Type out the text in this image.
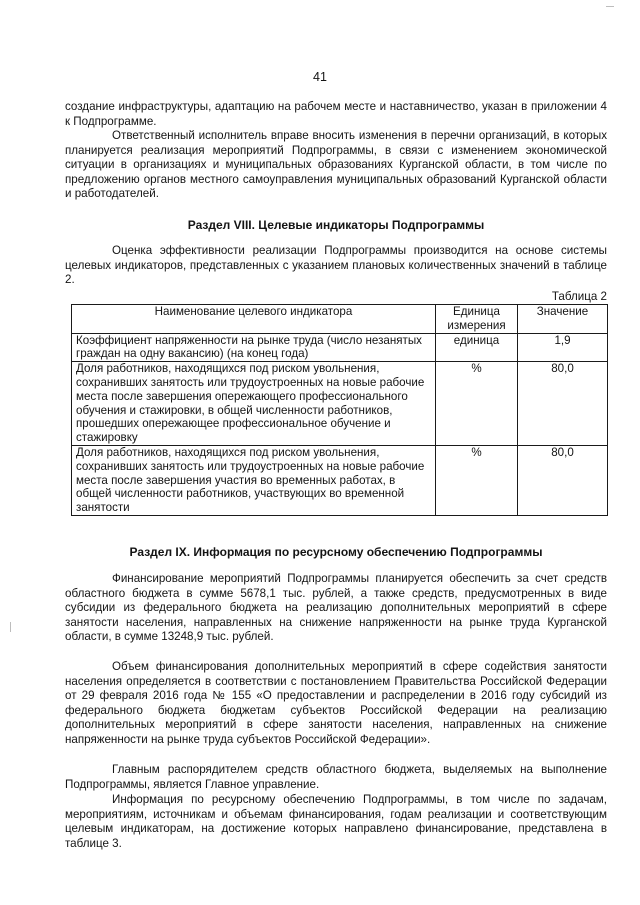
41

создание инфраструктуры, адаптацию на рабочем месте и наставничество, указан в приложении 4 к Подпрограмме.

Ответственный исполнитель вправе вносить изменения в перечни организаций, в которых планируется реализация мероприятий Подпрограммы, в связи с изменением экономической ситуации в организациях и муниципальных образованиях Курганской области, в том числе по предложению органов местного самоуправления муниципальных образований Курганской области и работодателей.

Раздел VIII. Целевые индикаторы Подпрограммы

Оценка эффективности реализации Подпрограммы производится на основе системы целевых индикаторов, представленных с указанием плановых количественных значений в таблице 2.

Таблица 2
Наименование целевого индикатора	Единица измерения	Значение
Коэффициент напряженности на рынке труда (число незанятых граждан на одну вакансию) (на конец года)	единица	1,9
Доля работников, находящихся под риском увольнения, сохранивших занятость или трудоустроенных на новые рабочие места после завершения опережающего профессионального обучения и стажировки, в общей численности работников, прошедших опережающее профессиональное обучение и стажировку	%	80,0
Доля работников, находящихся под риском увольнения, сохранивших занятость или трудоустроенных на новые рабочие места после завершения участия во временных работах, в общей численности работников, участвующих во временной занятости	%	80,0

Раздел IX. Информация по ресурсному обеспечению Подпрограммы

Финансирование мероприятий Подпрограммы планируется обеспечить за счет средств областного бюджета в сумме 5678,1 тыс. рублей, а также средств, предусмотренных в виде субсидии из федерального бюджета на реализацию дополнительных мероприятий в сфере занятости населения, направленных на снижение напряженности на рынке труда Курганской области, в сумме 13248,9 тыс. рублей.

Объем финансирования дополнительных мероприятий в сфере содействия занятости населения определяется в соответствии с постановлением Правительства Российской Федерации от 29 февраля 2016 года № 155 «О предоставлении и распределении в 2016 году субсидий из федерального бюджета бюджетам субъектов Российской Федерации на реализацию дополнительных мероприятий в сфере занятости населения, направленных на снижение напряженности на рынке труда субъектов Российской Федерации».

Главным распорядителем средств областного бюджета, выделяемых на выполнение Подпрограммы, является Главное управление.

Информация по ресурсному обеспечению Подпрограммы, в том числе по задачам, мероприятиям, источникам и объемам финансирования, годам реализации и соответствующим целевым индикаторам, на достижение которых направлено финансирование, представлена в таблице 3.
